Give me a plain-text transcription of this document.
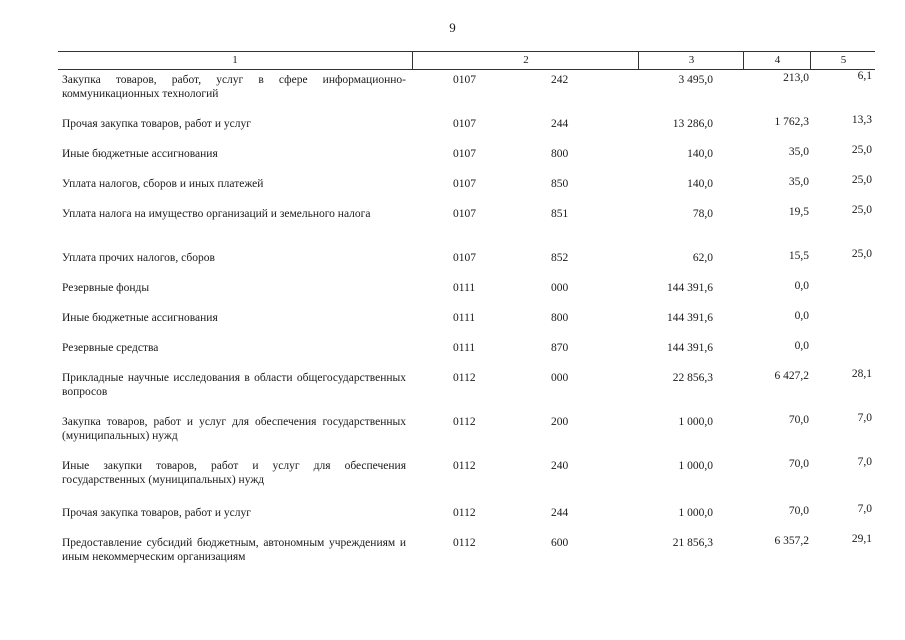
9
1	2	3	4	5
Закупка товаров, работ, услуг в сфере информационно-коммуникационных технологий
0107	242	3 495,0	213,0	6,1
Прочая закупка товаров, работ и услуг	0107	244	13 286,0	1 762,3	13,3
Иные бюджетные ассигнования	0107	800	140,0	35,0	25,0
Уплата налогов, сборов и иных платежей	0107	850	140,0	35,0	25,0
Уплата налога на имущество организаций и земельного налога	0107	851	78,0	19,5	25,0
Уплата прочих налогов, сборов	0107	852	62,0	15,5	25,0
Резервные фонды	0111	000	144 391,6	0,0
Иные бюджетные ассигнования	0111	800	144 391,6	0,0
Резервные средства	0111	870	144 391,6	0,0
Прикладные научные исследования в области общегосударственных вопросов
0112	000	22 856,3	6 427,2	28,1
Закупка товаров, работ и услуг для обеспечения государственных (муниципальных) нужд
0112	200	1 000,0	70,0	7,0
Иные закупки товаров, работ и услуг для обеспечения государственных (муниципальных) нужд
0112	240	1 000,0	70,0	7,0
Прочая закупка товаров, работ и услуг	0112	244	1 000,0	70,0	7,0
Предоставление субсидий бюджетным, автономным учреждениям и иным некоммерческим организациям
0112	600	21 856,3	6 357,2	29,1
